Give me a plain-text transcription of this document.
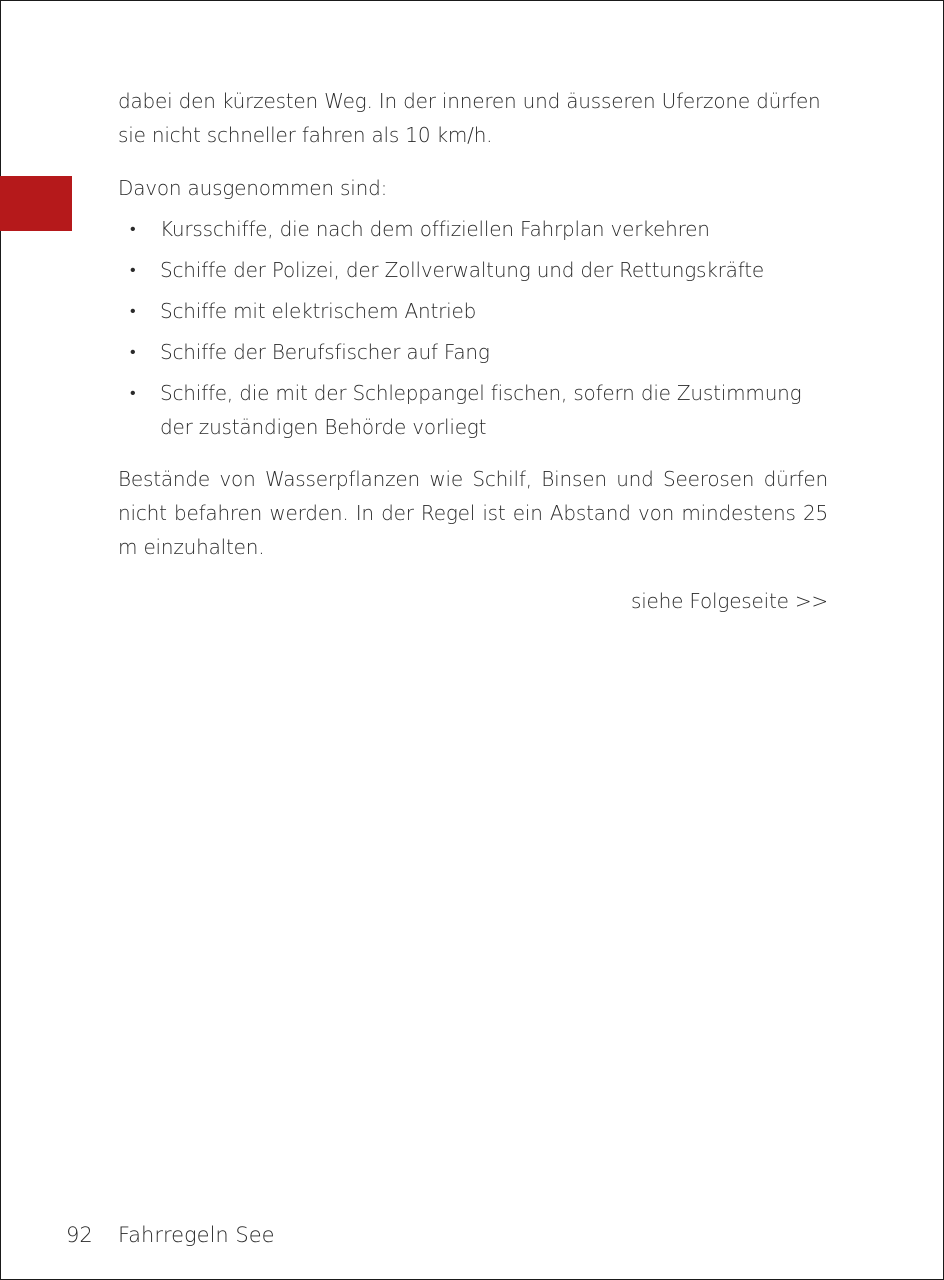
dabei den kürzesten Weg. In der inneren und äusseren Uferzone dürfen sie nicht schneller fahren als 10 km/h.

Davon ausgenommen sind:

• Kursschiffe, die nach dem offiziellen Fahrplan verkehren
• Schiffe der Polizei, der Zollverwaltung und der Rettungskräfte
• Schiffe mit elektrischem Antrieb
• Schiffe der Berufsfischer auf Fang
• Schiffe, die mit der Schleppangel fischen, sofern die Zustimmung der zuständigen Behörde vorliegt

Bestände von Wasserpflanzen wie Schilf, Binsen und Seerosen dürfen nicht befahren werden. In der Regel ist ein Abstand von mindestens 25 m einzuhalten.

siehe Folgeseite >>

92 Fahrregeln See
